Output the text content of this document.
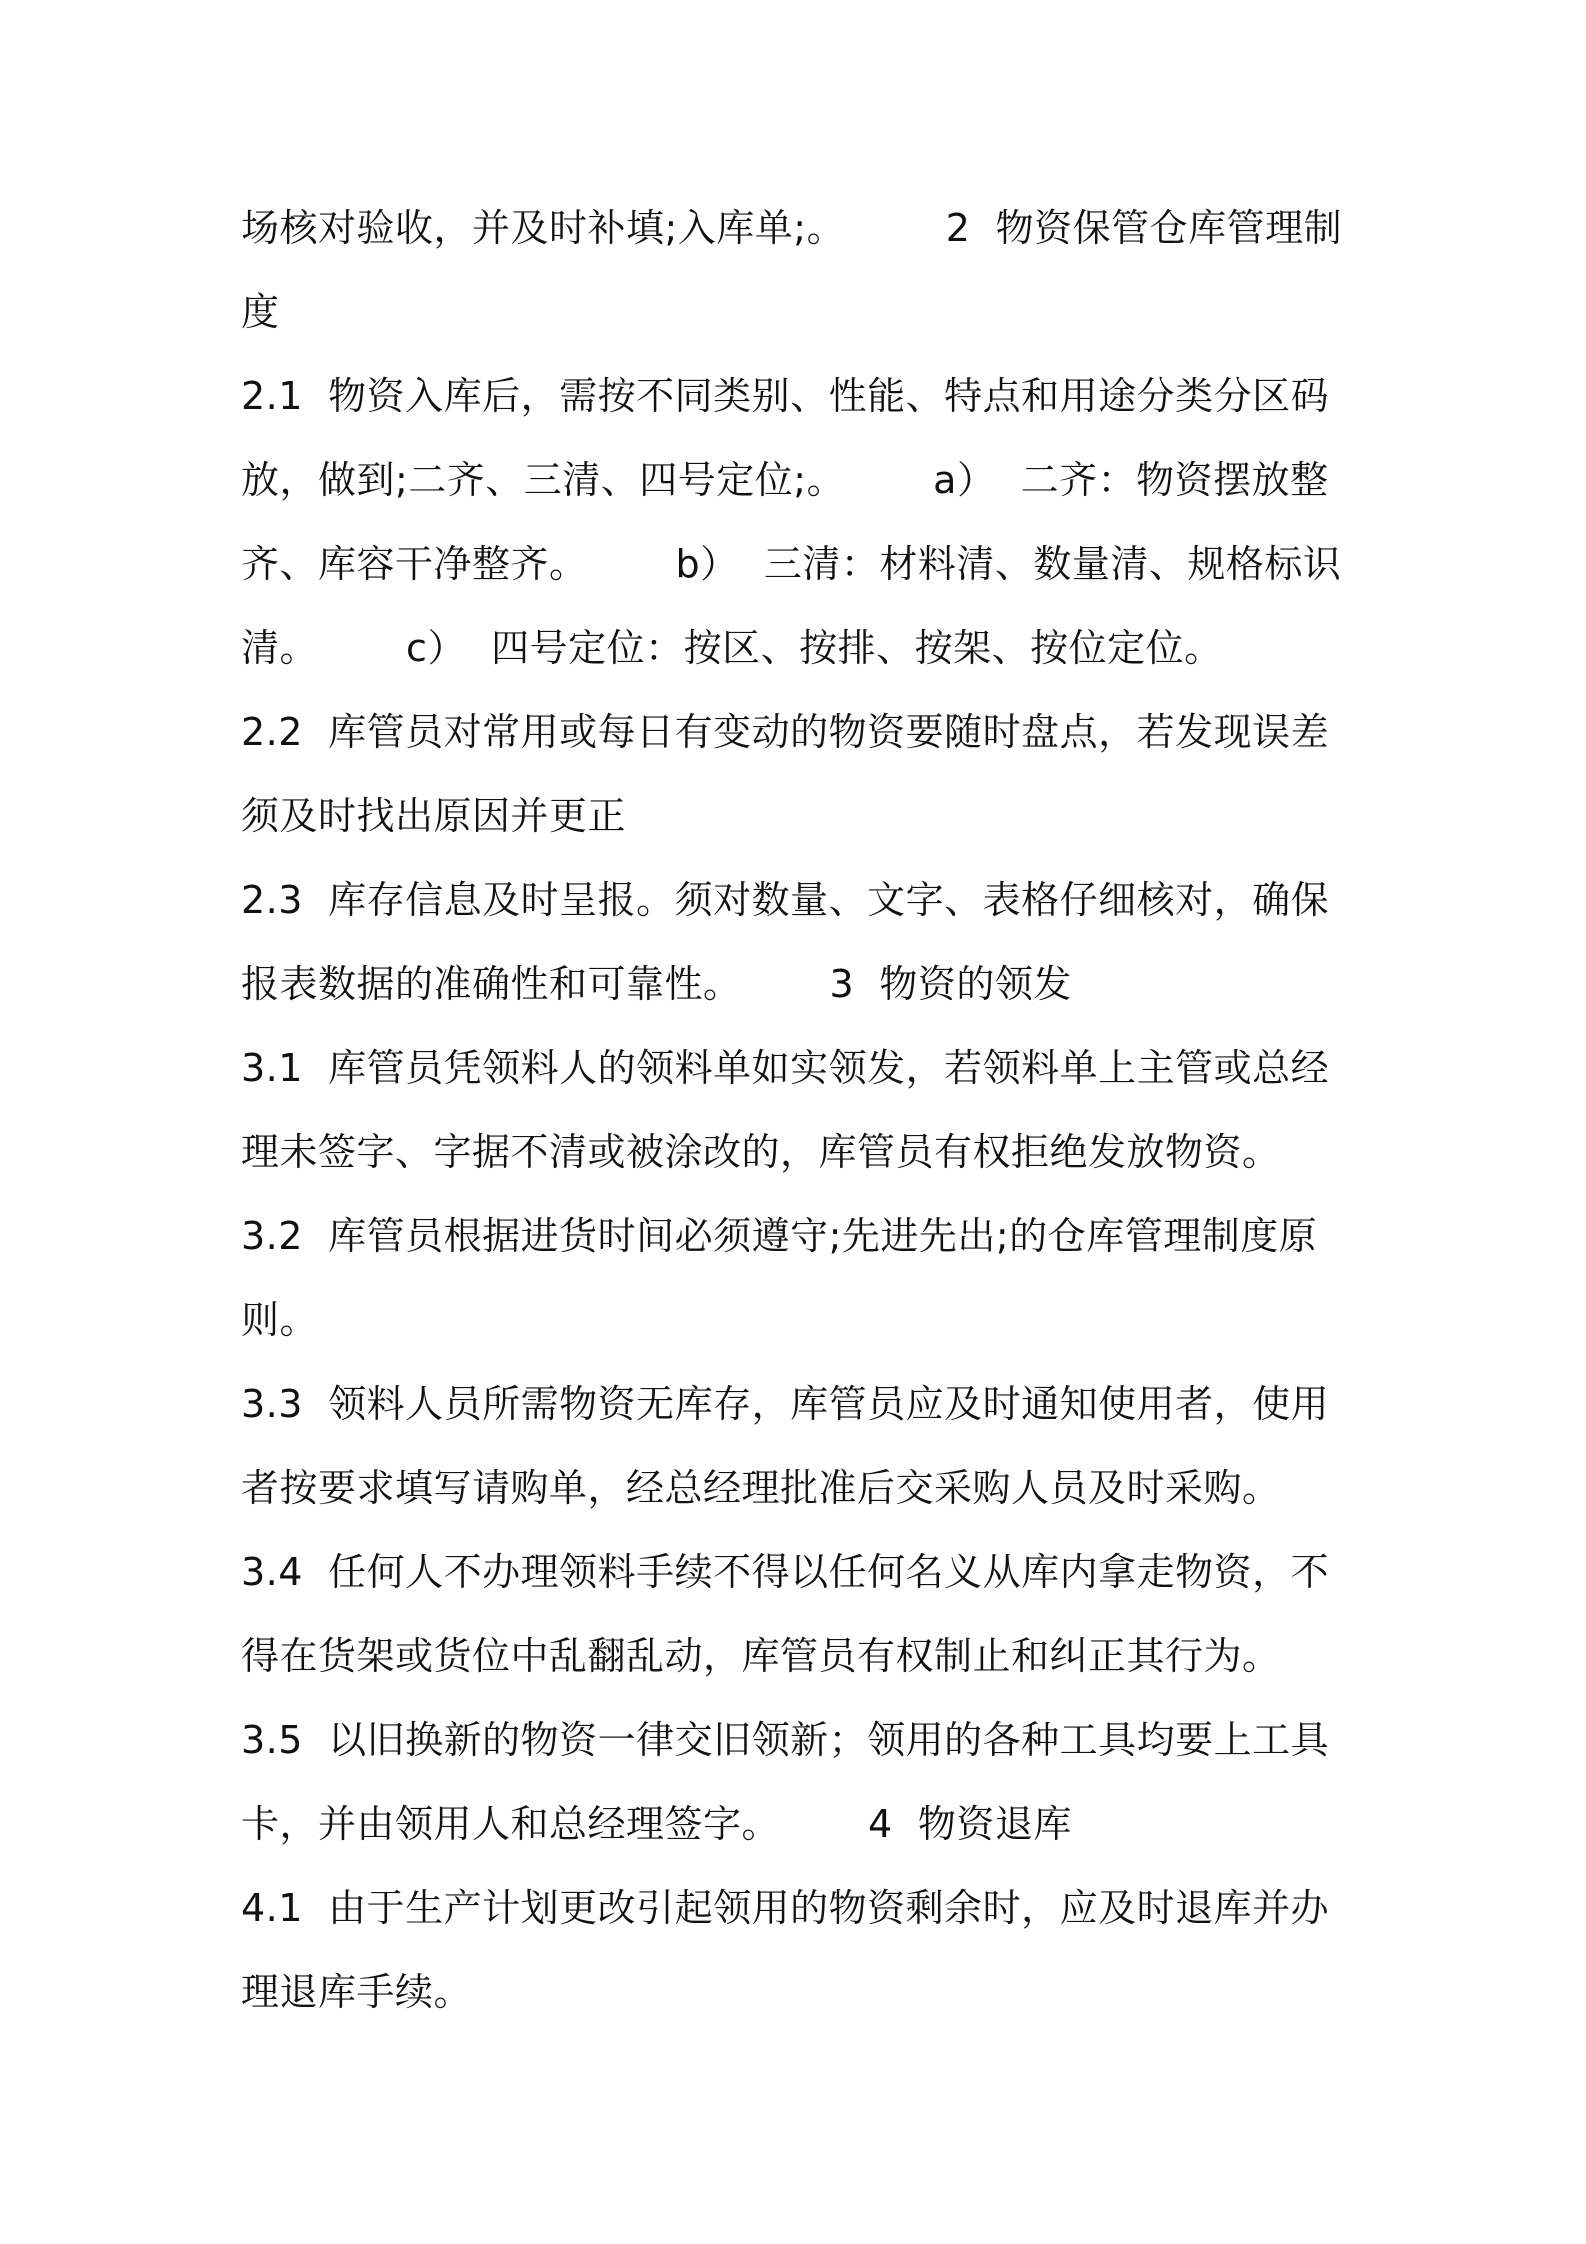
场核对验收，并及时补填;入库单;。        2  物资保管仓库管理制
度
2.1  物资入库后，需按不同类别、性能、特点和用途分类分区码
放，做到;二齐、三清、四号定位;。       a）  二齐：物资摆放整
齐、库容干净整齐。       b）  三清：材料清、数量清、规格标识
清。       c）  四号定位：按区、按排、按架、按位定位。
2.2  库管员对常用或每日有变动的物资要随时盘点，若发现误差
须及时找出原因并更正
2.3  库存信息及时呈报。须对数量、文字、表格仔细核对，确保
报表数据的准确性和可靠性。       3  物资的领发
3.1  库管员凭领料人的领料单如实领发，若领料单上主管或总经
理未签字、字据不清或被涂改的，库管员有权拒绝发放物资。
3.2  库管员根据进货时间必须遵守;先进先出;的仓库管理制度原
则。
3.3  领料人员所需物资无库存，库管员应及时通知使用者，使用
者按要求填写请购单，经总经理批准后交采购人员及时采购。
3.4  任何人不办理领料手续不得以任何名义从库内拿走物资，不
得在货架或货位中乱翻乱动，库管员有权制止和纠正其行为。
3.5  以旧换新的物资一律交旧领新；领用的各种工具均要上工具
卡，并由领用人和总经理签字。       4  物资退库
4.1  由于生产计划更改引起领用的物资剩余时，应及时退库并办
理退库手续。
